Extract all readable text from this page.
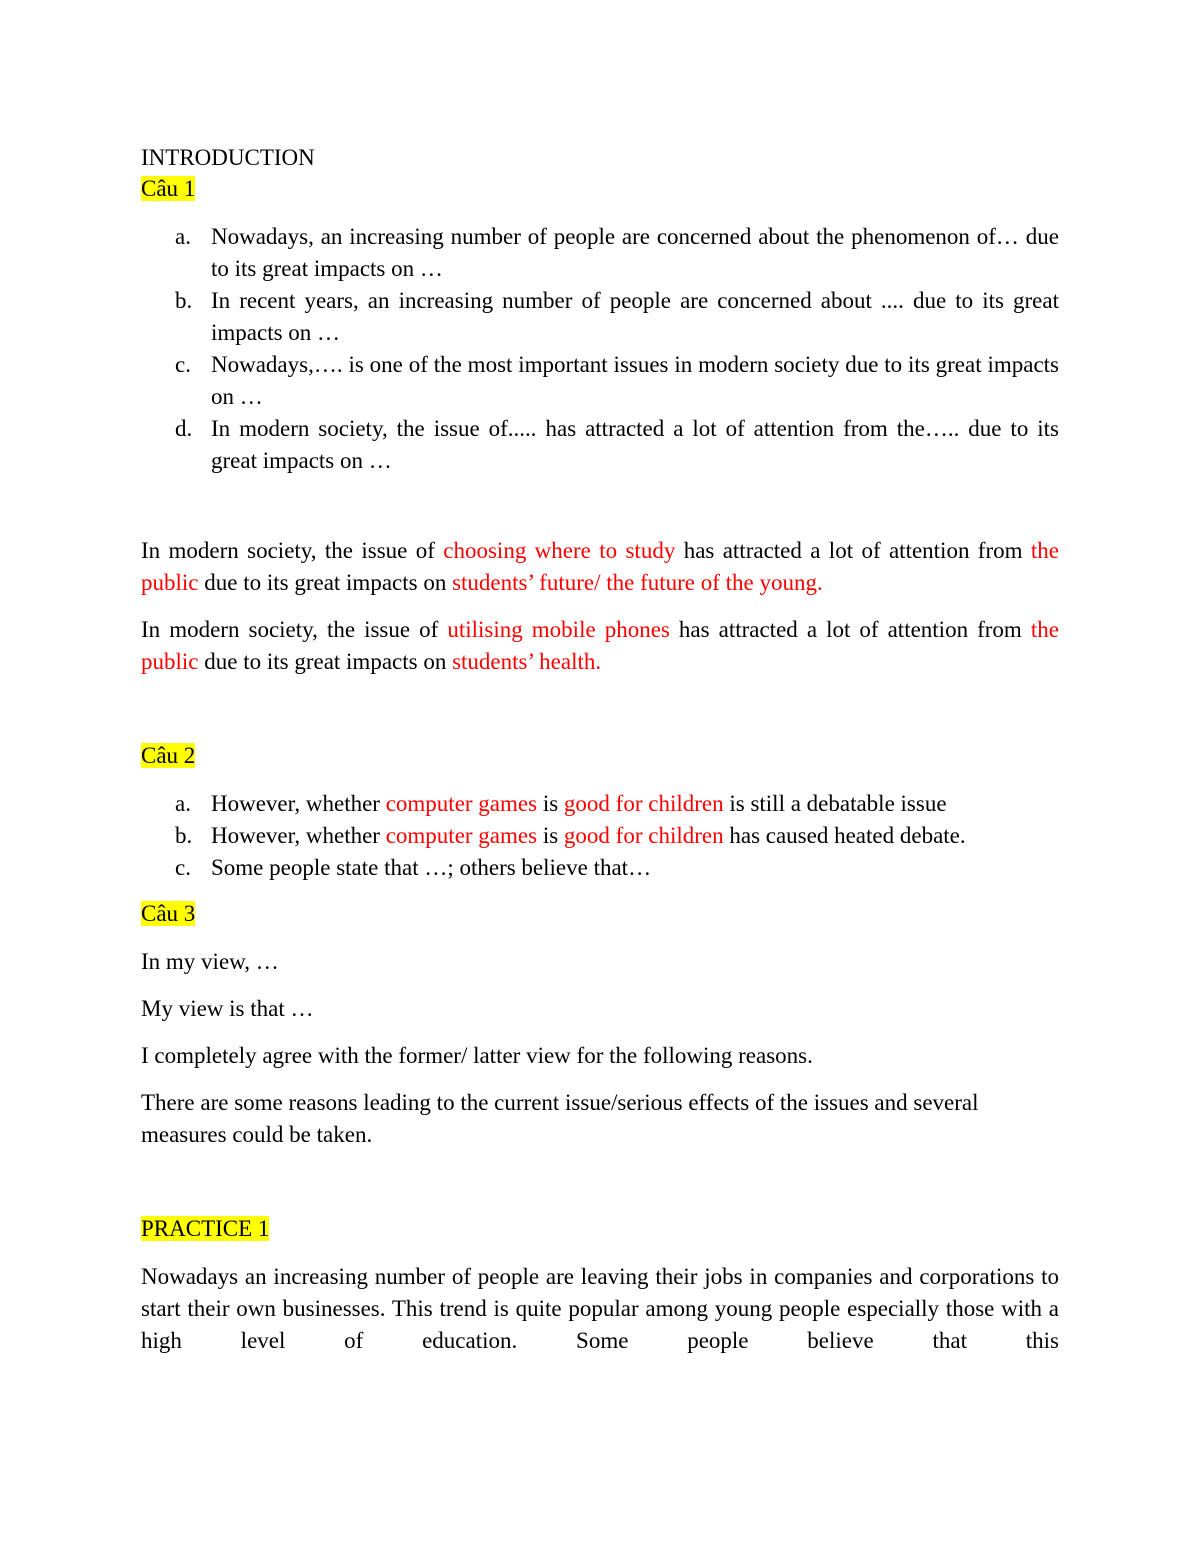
INTRODUCTION
Câu 1
a. Nowadays, an increasing number of people are concerned about the phenomenon of… due to its great impacts on …
b. In recent years, an increasing number of people are concerned about .... due to its great impacts on …
c. Nowadays,…. is one of the most important issues in modern society due to its great impacts on …
d. In modern society, the issue of..... has attracted a lot of attention from the….. due to its great impacts on …
In modern society, the issue of choosing where to study has attracted a lot of attention from the public due to its great impacts on students’ future/ the future of the young.
In modern society, the issue of utilising mobile phones has attracted a lot of attention from the public due to its great impacts on students’ health.
Câu 2
a. However, whether computer games is good for children is still a debatable issue
b. However, whether computer games is good for children has caused heated debate.
c. Some people state that …; others believe that…
Câu 3
In my view, …
My view is that …
I completely agree with the former/ latter view for the following reasons.
There are some reasons leading to the current issue/serious effects of the issues and several measures could be taken.
PRACTICE 1
Nowadays an increasing number of people are leaving their jobs in companies and corporations to start their own businesses. This trend is quite popular among young people especially those with a high level of education. Some people believe that this
